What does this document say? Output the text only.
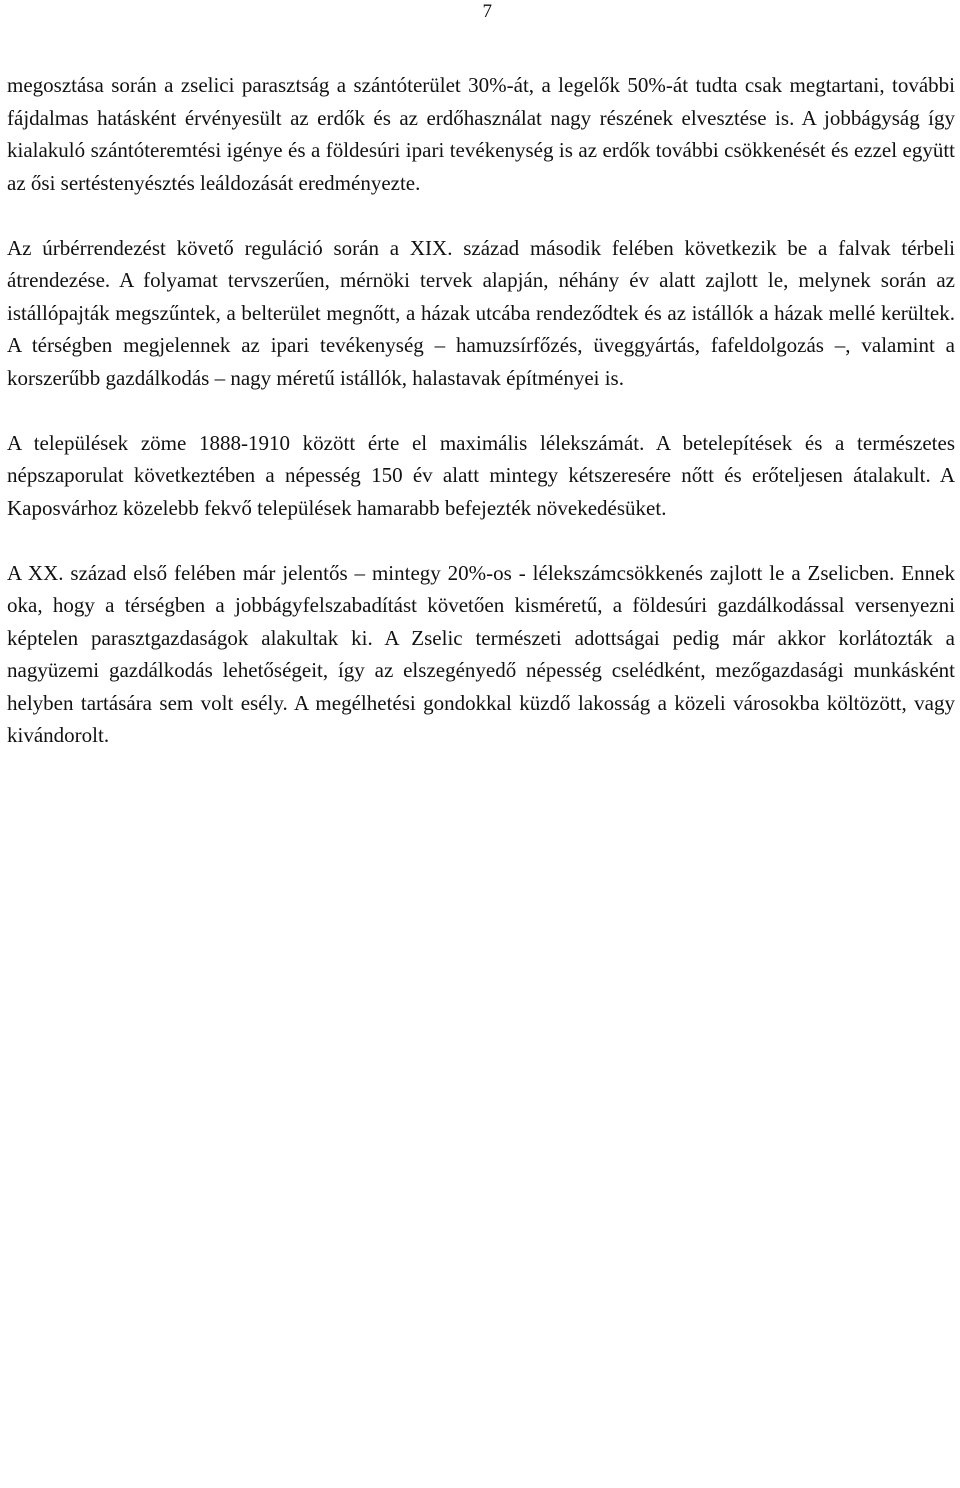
7

megosztása során a zselici parasztság a szántóterület 30%-át, a legelők 50%-át tudta csak megtartani, további fájdalmas hatásként érvényesült az erdők és az erdőhasználat nagy részének elvesztése is. A jobbágyság így kialakuló szántóteremtési igénye és a földesúri ipari tevékenység is az erdők további csökkenését és ezzel együtt az ősi sertéstenyésztés leáldozását eredményezte.

Az úrbérrendezést követő reguláció során a XIX. század második felében következik be a falvak térbeli átrendezése. A folyamat tervszerűen, mérnöki tervek alapján, néhány év alatt zajlott le, melynek során az istállópajták megszűntek, a belterület megnőtt, a házak utcába rendeződtek és az istállók a házak mellé kerültek. A térségben megjelennek az ipari tevékenység – hamuzsírfőzés, üveggyártás, fafeldolgozás –, valamint a korszerűbb gazdálkodás – nagy méretű istállók, halastavak építményei is.

A települések zöme 1888-1910 között érte el maximális lélekszámát. A betelepítések és a természetes népszaporulat következtében a népesség 150 év alatt mintegy kétszeresére nőtt és erőteljesen átalakult. A Kaposvárhoz közelebb fekvő települések hamarabb befejezték növekedésüket.

A XX. század első felében már jelentős – mintegy 20%-os - lélekszámcsökkenés zajlott le a Zselicben. Ennek oka, hogy a térségben a jobbágyfelszabadítást követően kisméretű, a földesúri gazdálkodással versenyezni képtelen parasztgazdaságok alakultak ki. A Zselic természeti adottságai pedig már akkor korlátozták a nagyüzemi gazdálkodás lehetőségeit, így az elszegényedő népesség cselédként, mezőgazdasági munkásként helyben tartására sem volt esély. A megélhetési gondokkal küzdő lakosság a közeli városokba költözött, vagy kivándorolt.
